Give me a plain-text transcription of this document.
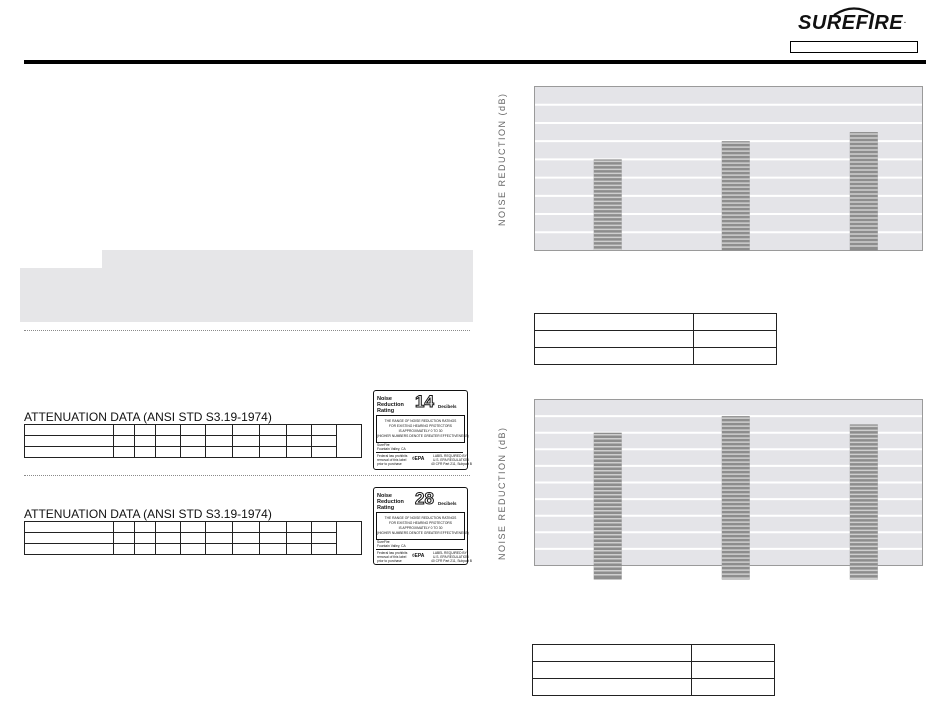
SUREFIRE .
ATTENUATION DATA (ANSI STD S3.19-1974)

Noise
Reduction
Rating	14 Decibels
THE RANGE OF NOISE REDUCTION RATINGS
FOR EXISTING HEARING PROTECTORS
IS APPROXIMATELY 0 TO 30
(HIGHER NUMBERS DENOTE GREATER EFFECTIVENESS)
SureFire
Fountain Valley, CA
Federal law prohibits
removal of this label
prior to purchase
◊EPA	LABEL REQUIRED BY
U.S. EPA REGULATION
40 CFR Part 211, Subpart B
ATTENUATION DATA (ANSI STD S3.19-1974)

Noise
Reduction
Rating	28 Decibels
THE RANGE OF NOISE REDUCTION RATINGS
FOR EXISTING HEARING PROTECTORS
IS APPROXIMATELY 0 TO 30
(HIGHER NUMBERS DENOTE GREATER EFFECTIVENESS)
SureFire
Fountain Valley, CA
Federal law prohibits
removal of this label
prior to purchase
◊EPA	LABEL REQUIRED BY
U.S. EPA REGULATION
40 CFR Part 211, Subpart B
NOISE REDUCTION (dB)

NOISE REDUCTION (dB)
